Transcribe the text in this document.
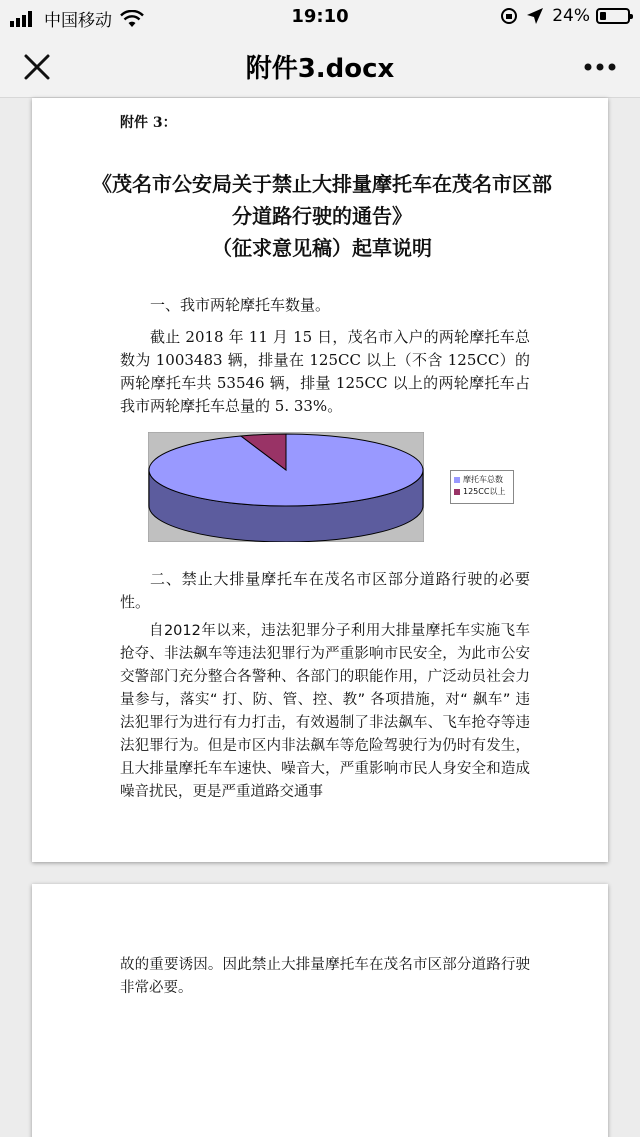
中国移动	19:10	24%
附件3.docx
附件 3：
《茂名市公安局关于禁止大排量摩托车在茂名市区部分道路行驶的通告》
（征求意见稿）起草说明
一、我市两轮摩托车数量。
截止 2018 年 11 月 15 日，茂名市入户的两轮摩托车总数为 1003483 辆，排量在 125CC 以上（不含 125CC）的两轮摩托车共 53546 辆，排量 125CC 以上的两轮摩托车占我市两轮摩托车总量的 5. 33%。
摩托车总数
125CC以上
二、禁止大排量摩托车在茂名市区部分道路行驶的必要性。
自2012年以来，违法犯罪分子利用大排量摩托车实施飞车抢夺、非法飙车等违法犯罪行为严重影响市民安全，为此市公安交警部门充分整合各警种、各部门的职能作用，广泛动员社会力量参与，落实“ 打、防、管、控、教” 各项措施，对“ 飙车” 违法犯罪行为进行有力打击，有效遏制了非法飙车、飞车抢夺等违法犯罪行为。但是市区内非法飙车等危险驾驶行为仍时有发生，且大排量摩托车车速快、噪音大，严重影响市民人身安全和造成噪音扰民，更是严重道路交通事
故的重要诱因。因此禁止大排量摩托车在茂名市区部分道路行驶非常必要。
